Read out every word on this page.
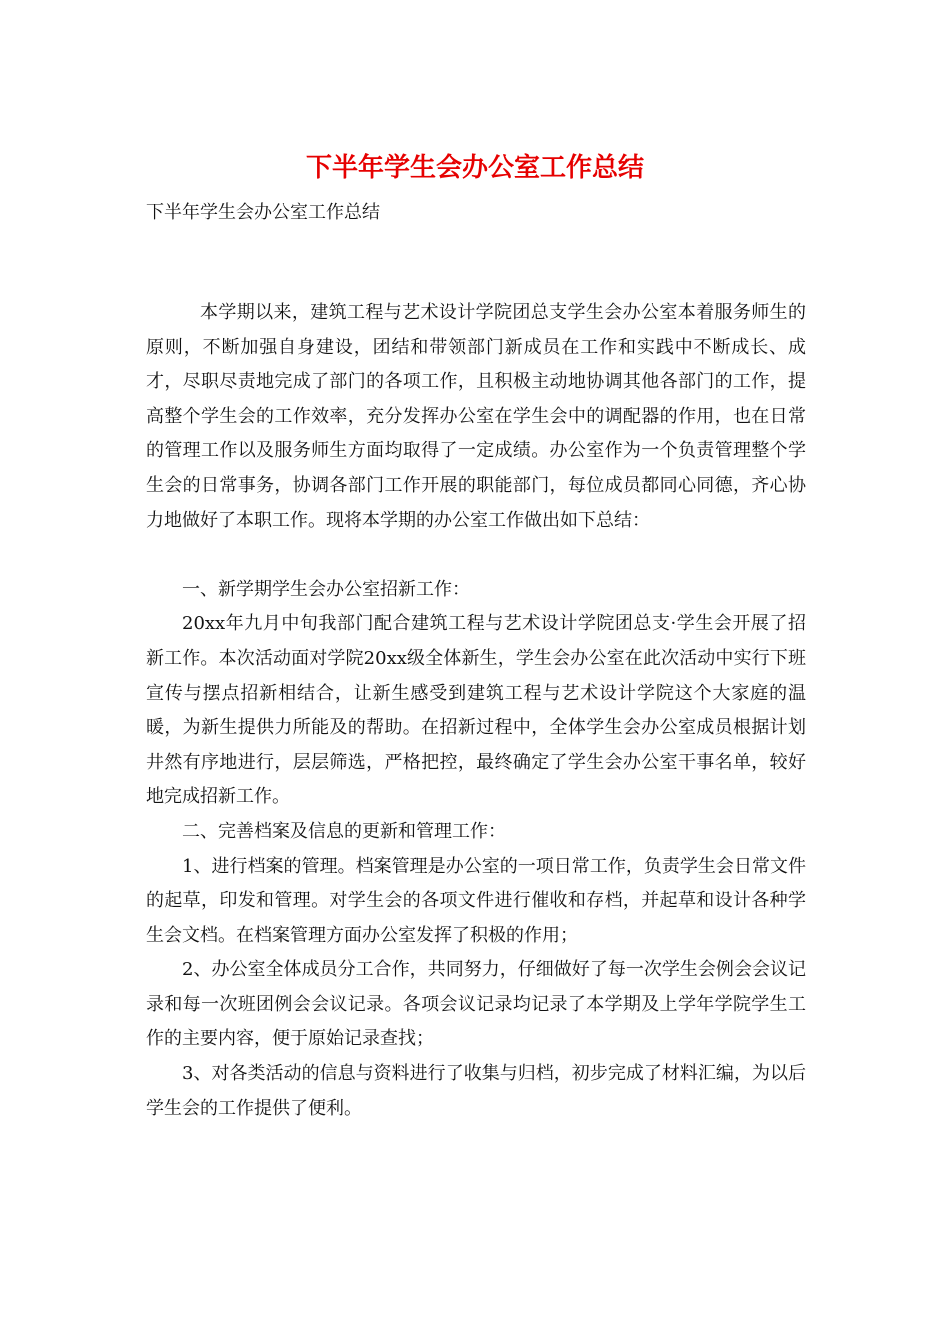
下半年学生会办公室工作总结
下半年学生会办公室工作总结

本学期以来，建筑工程与艺术设计学院团总支学生会办公室本着服务师生的原则，不断加强自身建设，团结和带领部门新成员在工作和实践中不断成长、成才，尽职尽责地完成了部门的各项工作，且积极主动地协调其他各部门的工作，提高整个学生会的工作效率，充分发挥办公室在学生会中的调配器的作用，也在日常的管理工作以及服务师生方面均取得了一定成绩。办公室作为一个负责管理整个学生会的日常事务，协调各部门工作开展的职能部门，每位成员都同心同德，齐心协力地做好了本职工作。现将本学期的办公室工作做出如下总结：

一、新学期学生会办公室招新工作：

20xx年九月中旬我部门配合建筑工程与艺术设计学院团总支·学生会开展了招新工作。本次活动面对学院20xx级全体新生，学生会办公室在此次活动中实行下班宣传与摆点招新相结合，让新生感受到建筑工程与艺术设计学院这个大家庭的温暖，为新生提供力所能及的帮助。在招新过程中，全体学生会办公室成员根据计划井然有序地进行，层层筛选，严格把控，最终确定了学生会办公室干事名单，较好地完成招新工作。

二、完善档案及信息的更新和管理工作：

1、进行档案的管理。档案管理是办公室的一项日常工作，负责学生会日常文件的起草，印发和管理。对学生会的各项文件进行催收和存档，并起草和设计各种学生会文档。在档案管理方面办公室发挥了积极的作用；

2、办公室全体成员分工合作，共同努力，仔细做好了每一次学生会例会会议记录和每一次班团例会会议记录。各项会议记录均记录了本学期及上学年学院学生工作的主要内容，便于原始记录查找；

3、对各类活动的信息与资料进行了收集与归档，初步完成了材料汇编，为以后学生会的工作提供了便利。
